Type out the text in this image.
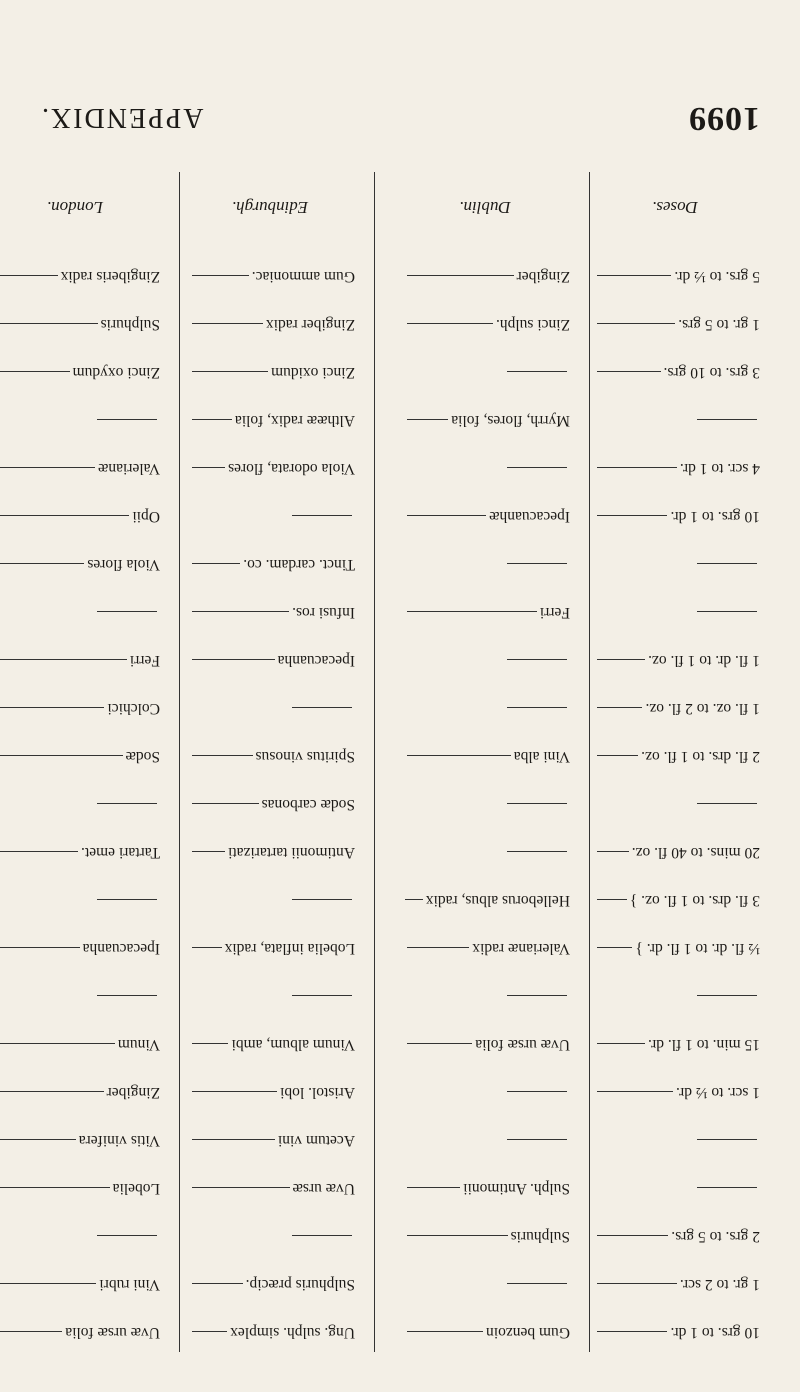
1099
APPENDIX.
Doses.
10 grs. to 1 dr.
1 gr. to 2 scr.
2 grs. to 5 grs.
1 scr. to ½ dr.
15 min. to 1 fl. dr.
½ fl. dr. to 1 fl. dr. }
3 fl. drs. to 1 fl. oz. }
20 mins. to 40 fl. oz.
2 fl. drs. to 1 fl. oz.
1 fl. oz. to 2 fl. oz.
1 fl. dr. to 1 fl. oz.
10 grs. to 1 dr.
4 scr. to 1 dr.
3 grs. to 10 grs.
1 gr. to 5 grs.
5 grs. to ½ dr.
Dublin.
Gum benzoin
Sulphuris
Sulph. Antimonii
Uvæ ursæ folia
Valerianæ radix
Helleborus albus, radix
Vini alba
Ferri
Ipecacuanhæ
Myrrh, flores, folia
Zinci sulph.
Zingiber
Edinburgh.
Ung. sulph. simplex
Sulphuris præcip.
Uvæ ursæ
Acetum vini
Aristol. lobi
Vinum album, ambi
Lobelia inflata, radix
Antimonii tartarizati
Sodæ carbonas
Spiritus vinosus
Ipecacuanha
Infusi ros.
Tinct. cardam. co.
Viola odorata, flores
Althææ radix, folia
Zinci oxidum
Zingiber radix
Gum ammoniac.
London.
Uvæ ursæ folia
Vini rubri
Lobelia
Vitis vinifera
Zingiber
Vinum
Ipecacuanha
Tartari emet.
Sodæ
Colchici
Ferri
Viola flores
Opii
Valerianæ
Zinci oxydum
Sulphuris
Zingiberis radix
